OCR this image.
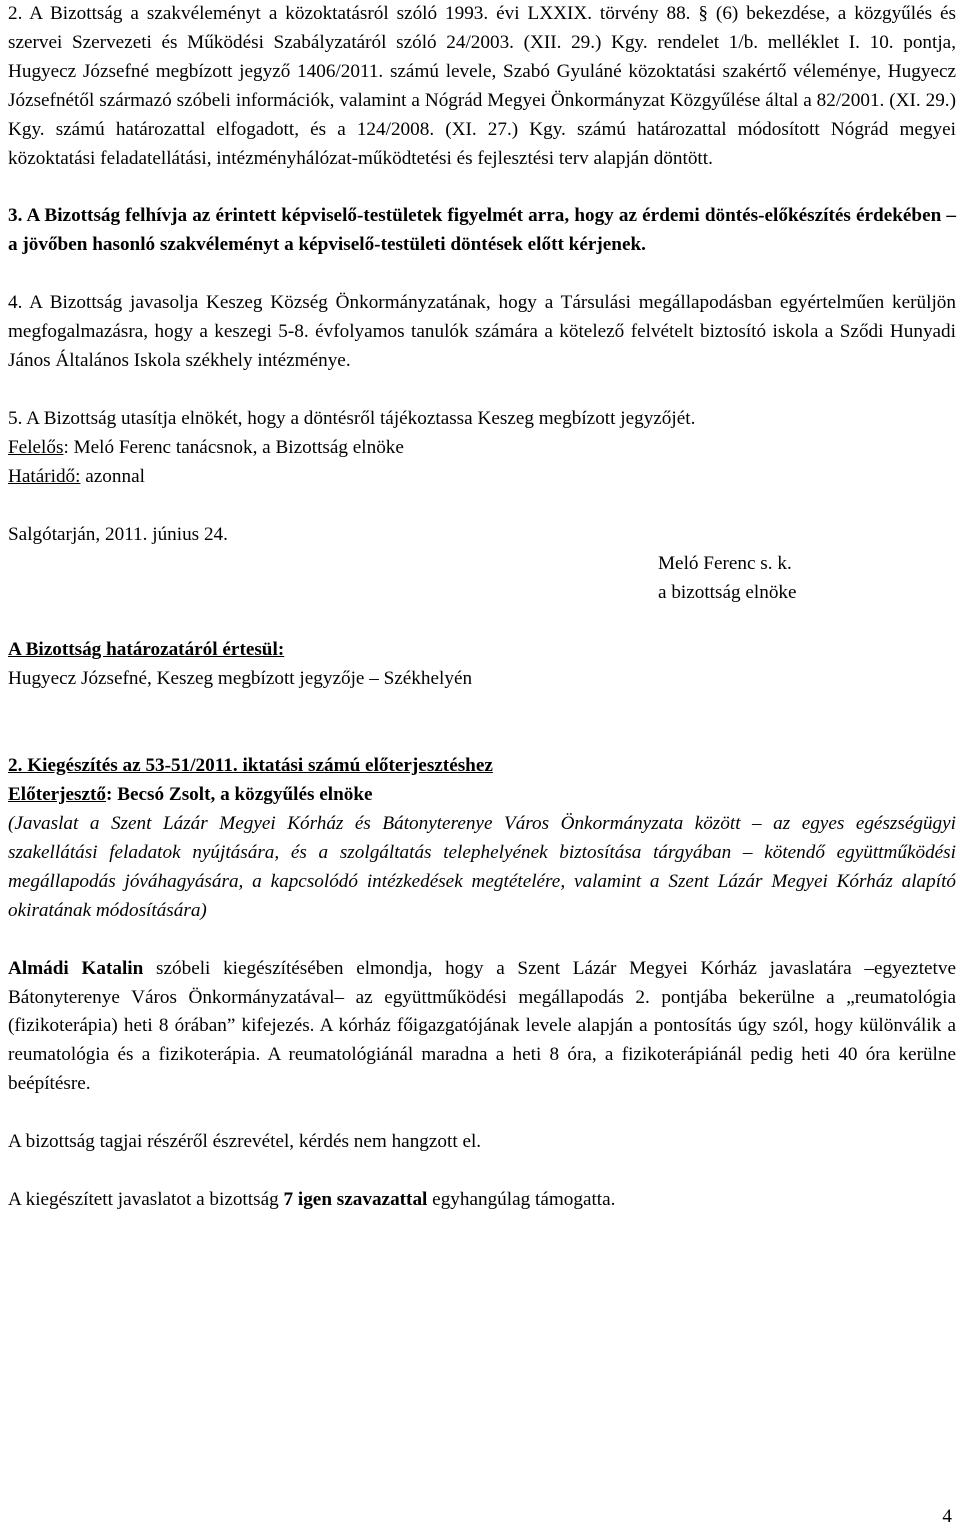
2. A Bizottság a szakvéleményt a közoktatásról szóló 1993. évi LXXIX. törvény 88. § (6) bekezdése, a közgyűlés és szervei Szervezeti és Működési Szabályzatáról szóló 24/2003. (XII. 29.) Kgy. rendelet 1/b. melléklet I. 10. pontja, Hugyecz Józsefné megbízott jegyző 1406/2011. számú levele, Szabó Gyuláné közoktatási szakértő véleménye, Hugyecz Józsefnétől származó szóbeli információk, valamint a Nógrád Megyei Önkormányzat Közgyűlése által a 82/2001. (XI. 29.) Kgy. számú határozattal elfogadott, és a 124/2008. (XI. 27.) Kgy. számú határozattal módosított Nógrád megyei közoktatási feladatellátási, intézményhálózat-működtetési és fejlesztési terv alapján döntött.

3. A Bizottság felhívja az érintett képviselő-testületek figyelmét arra, hogy az érdemi döntés-előkészítés érdekében – a jövőben hasonló szakvéleményt a képviselő-testületi döntések előtt kérjenek.

4. A Bizottság javasolja Keszeg Község Önkormányzatának, hogy a Társulási megállapodásban egyértelműen kerüljön megfogalmazásra, hogy a keszegi 5-8. évfolyamos tanulók számára a kötelező felvételt biztosító iskola a Sződi Hunyadi János Általános Iskola székhely intézménye.

5. A Bizottság utasítja elnökét, hogy a döntésről tájékoztassa Keszeg megbízott jegyzőjét.

Felelős: Meló Ferenc tanácsnok, a Bizottság elnöke

Határidő: azonnal

Salgótarján, 2011. június 24.

Meló Ferenc s. k.

a bizottság elnöke

A Bizottság határozatáról értesül:

Hugyecz Józsefné, Keszeg megbízott jegyzője – Székhelyén

2. Kiegészítés az 53-51/2011. iktatási számú előterjesztéshez

Előterjesztő: Becsó Zsolt, a közgyűlés elnöke

(Javaslat a Szent Lázár Megyei Kórház és Bátonyterenye Város Önkormányzata között – az egyes egészségügyi szakellátási feladatok nyújtására, és a szolgáltatás telephelyének biztosítása tárgyában – kötendő együttműködési megállapodás jóváhagyására, a kapcsolódó intézkedések megtételére, valamint a Szent Lázár Megyei Kórház alapító okiratának módosítására)

Almádi Katalin szóbeli kiegészítésében elmondja, hogy a Szent Lázár Megyei Kórház javaslatára –egyeztetve Bátonyterenye Város Önkormányzatával– az együttműködési megállapodás 2. pontjába bekerülne a „reumatológia (fizikoterápia) heti 8 órában” kifejezés. A kórház főigazgatójának levele alapján a pontosítás úgy szól, hogy különválik a reumatológia és a fizikoterápia. A reumatológiánál maradna a heti 8 óra, a fizikoterápiánál pedig heti 40 óra kerülne beépítésre.

A bizottság tagjai részéről észrevétel, kérdés nem hangzott el.

A kiegészített javaslatot a bizottság 7 igen szavazattal egyhangúlag támogatta.

4
